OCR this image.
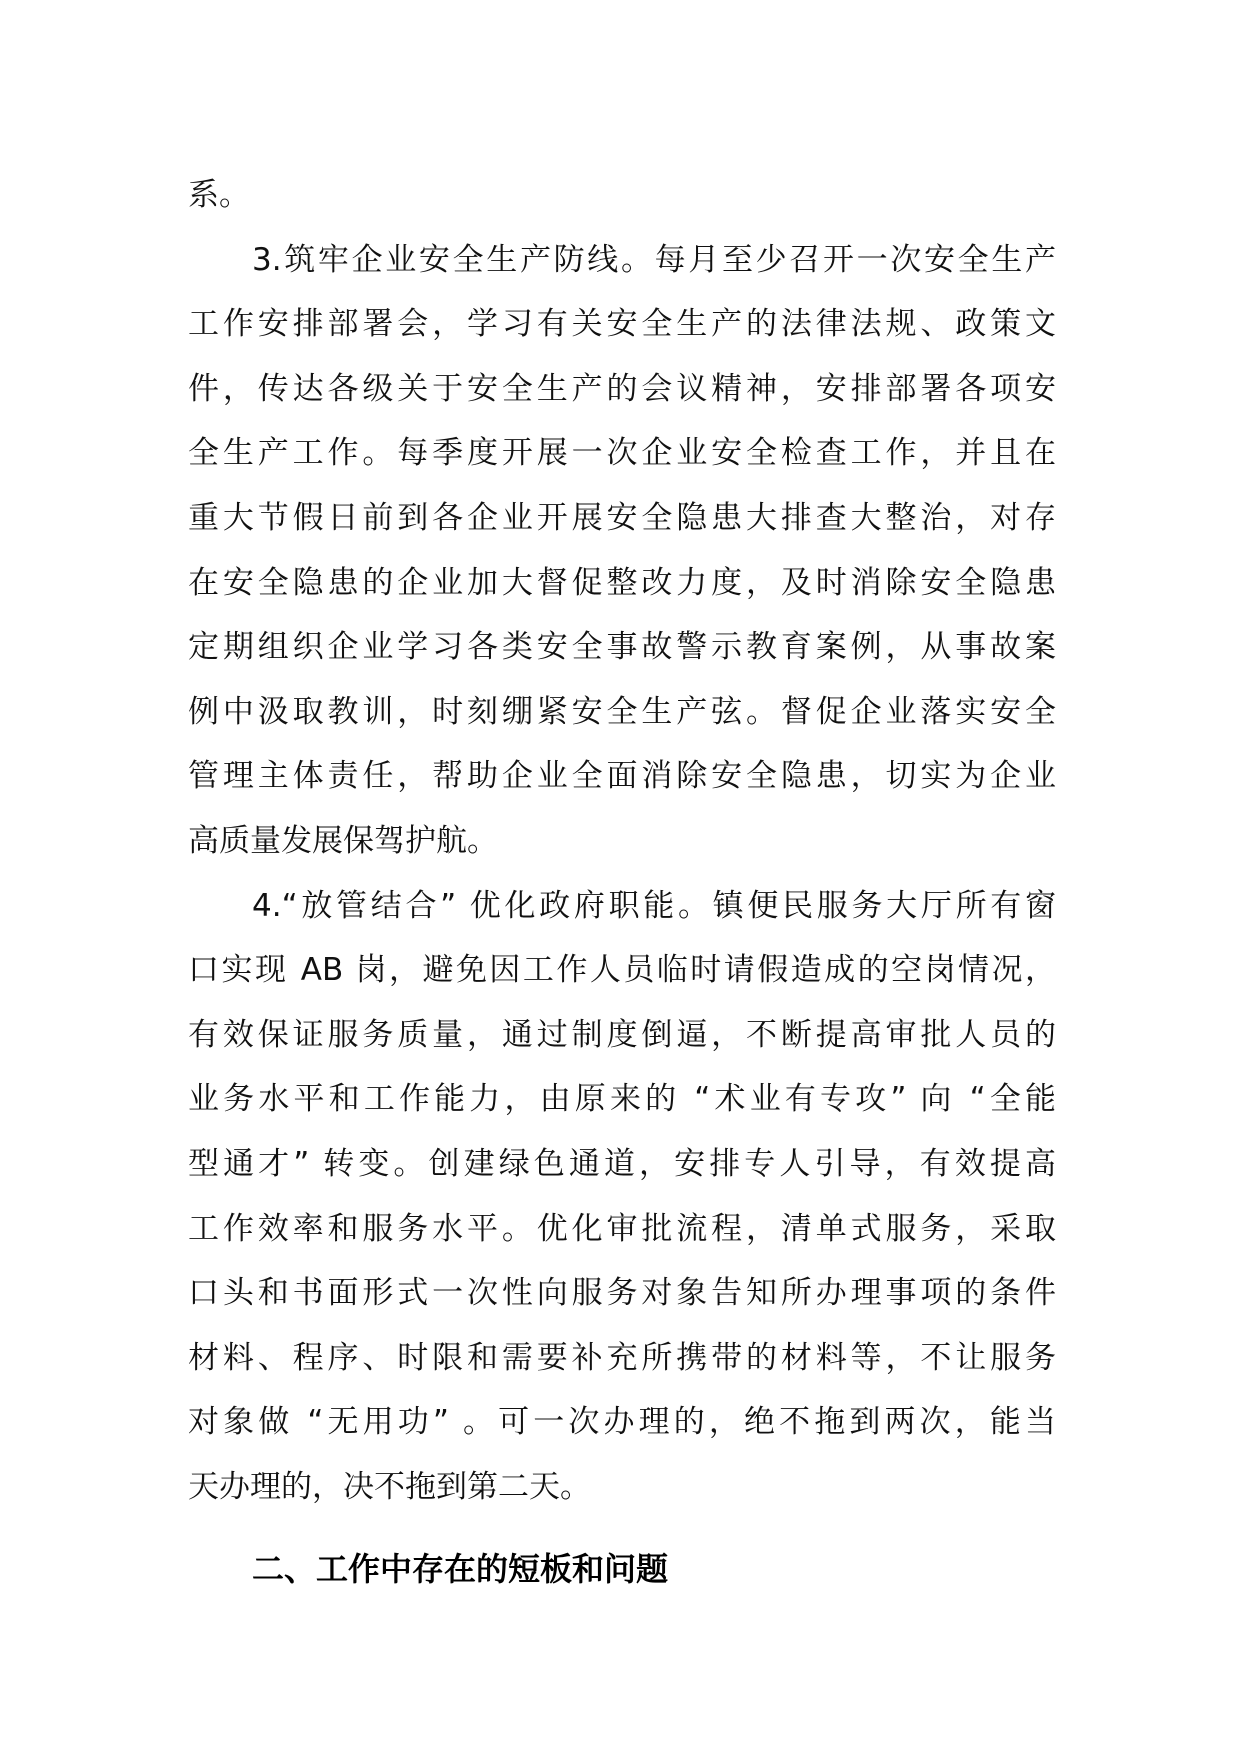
系。
3.筑牢企业安全生产防线。每月至少召开一次安全生产
工作安排部署会，学习有关安全生产的法律法规、政策文
件，传达各级关于安全生产的会议精神，安排部署各项安
全生产工作。每季度开展一次企业安全检查工作，并且在
重大节假日前到各企业开展安全隐患大排查大整治，对存
在安全隐患的企业加大督促整改力度，及时消除安全隐患
定期组织企业学习各类安全事故警示教育案例，从事故案
例中汲取教训，时刻绷紧安全生产弦。督促企业落实安全
管理主体责任，帮助企业全面消除安全隐患，切实为企业
高质量发展保驾护航。
4.“放管结合” 优化政府职能。镇便民服务大厅所有窗
口实现 AB 岗，避免因工作人员临时请假造成的空岗情况，
有效保证服务质量，通过制度倒逼，不断提高审批人员的
业务水平和工作能力，由原来的 “术业有专攻” 向 “全能
型通才” 转变。创建绿色通道，安排专人引导，有效提高
工作效率和服务水平。优化审批流程，清单式服务，采取
口头和书面形式一次性向服务对象告知所办理事项的条件
材料、程序、时限和需要补充所携带的材料等，不让服务
对象做 “无用功” 。可一次办理的，绝不拖到两次，能当
天办理的，决不拖到第二天。
二、工作中存在的短板和问题
